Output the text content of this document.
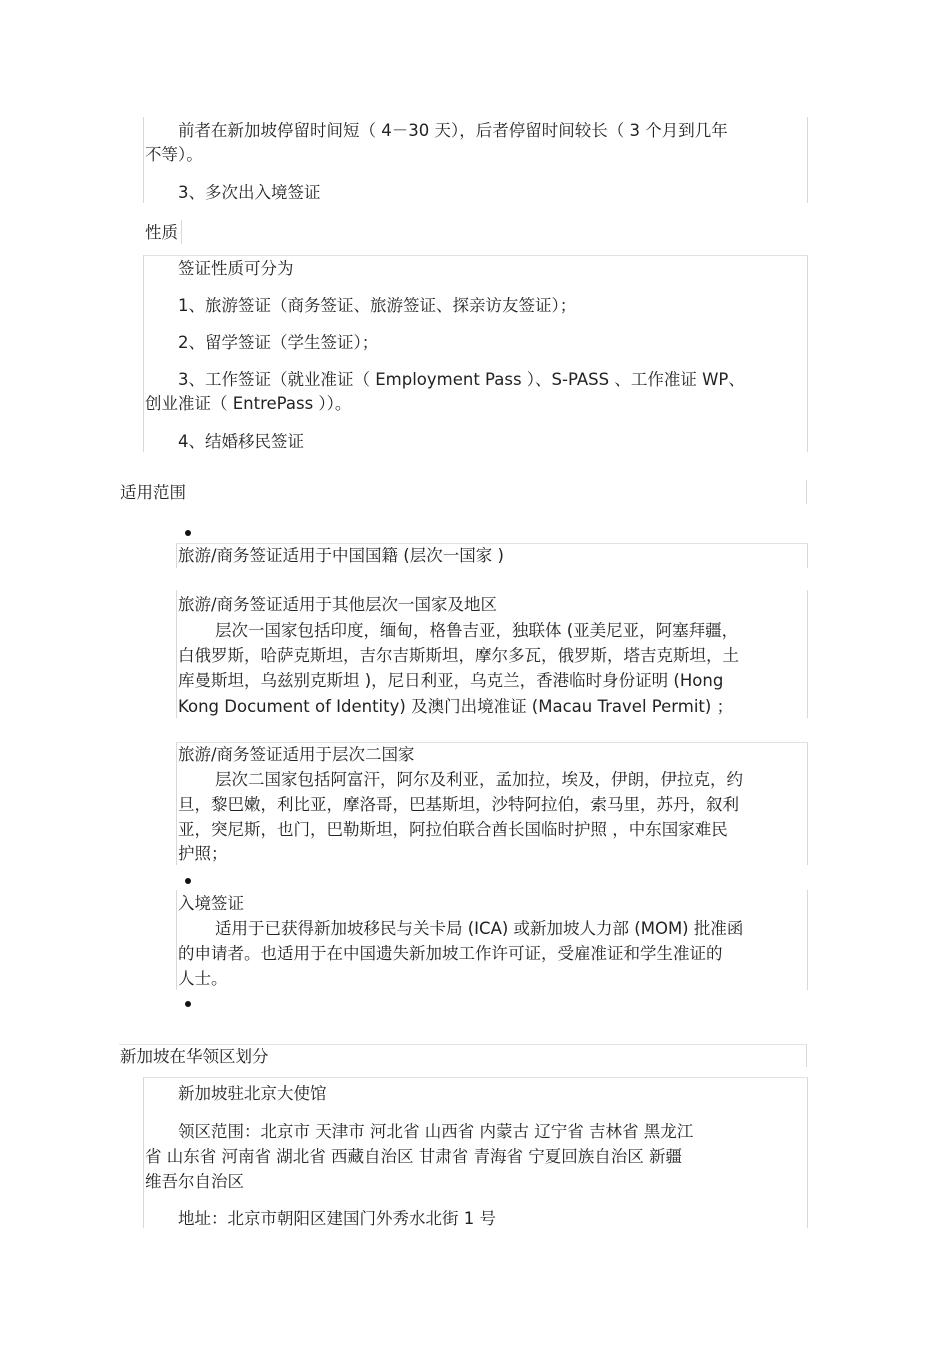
前者在新加坡停留时间短（ 4－30 天），后者停留时间较长（ 3 个月到几年
不等）。
3、多次出入境签证
性质
签证性质可分为
1、旅游签证（商务签证、旅游签证、探亲访友签证）；
2、留学签证（学生签证）；
3、工作签证（就业准证（ Employment Pass ）、S-PASS 、工作准证 WP、
创业准证（ EntrePass ））。
4、结婚移民签证
适用范围
旅游/商务签证适用于中国国籍 (层次一国家 )
旅游/商务签证适用于其他层次一国家及地区
层次一国家包括印度，缅甸，格鲁吉亚，独联体 (亚美尼亚，阿塞拜疆，
白俄罗斯，哈萨克斯坦，吉尔吉斯斯坦，摩尔多瓦，俄罗斯，塔吉克斯坦，土
库曼斯坦，乌兹别克斯坦 )，尼日利亚，乌克兰，香港临时身份证明 (Hong
Kong Document of Identity) 及澳门出境准证 (Macau Travel Permit) ；
旅游/商务签证适用于层次二国家
层次二国家包括阿富汗，阿尔及利亚，孟加拉，埃及，伊朗，伊拉克，约
旦，黎巴嫩，利比亚，摩洛哥，巴基斯坦，沙特阿拉伯，索马里，苏丹，叙利
亚，突尼斯，也门，巴勒斯坦，阿拉伯联合酋长国临时护照 ，中东国家难民
护照；
入境签证
适用于已获得新加坡移民与关卡局 (ICA) 或新加坡人力部 (MOM) 批准函
的申请者。也适用于在中国遗失新加坡工作许可证，受雇准证和学生准证的
人士。
新加坡在华领区划分
新加坡驻北京大使馆
领区范围：北京市 天津市 河北省 山西省 内蒙古 辽宁省 吉林省 黑龙江
省 山东省 河南省 湖北省 西藏自治区 甘肃省 青海省 宁夏回族自治区 新疆
维吾尔自治区
地址：北京市朝阳区建国门外秀水北街 1 号
